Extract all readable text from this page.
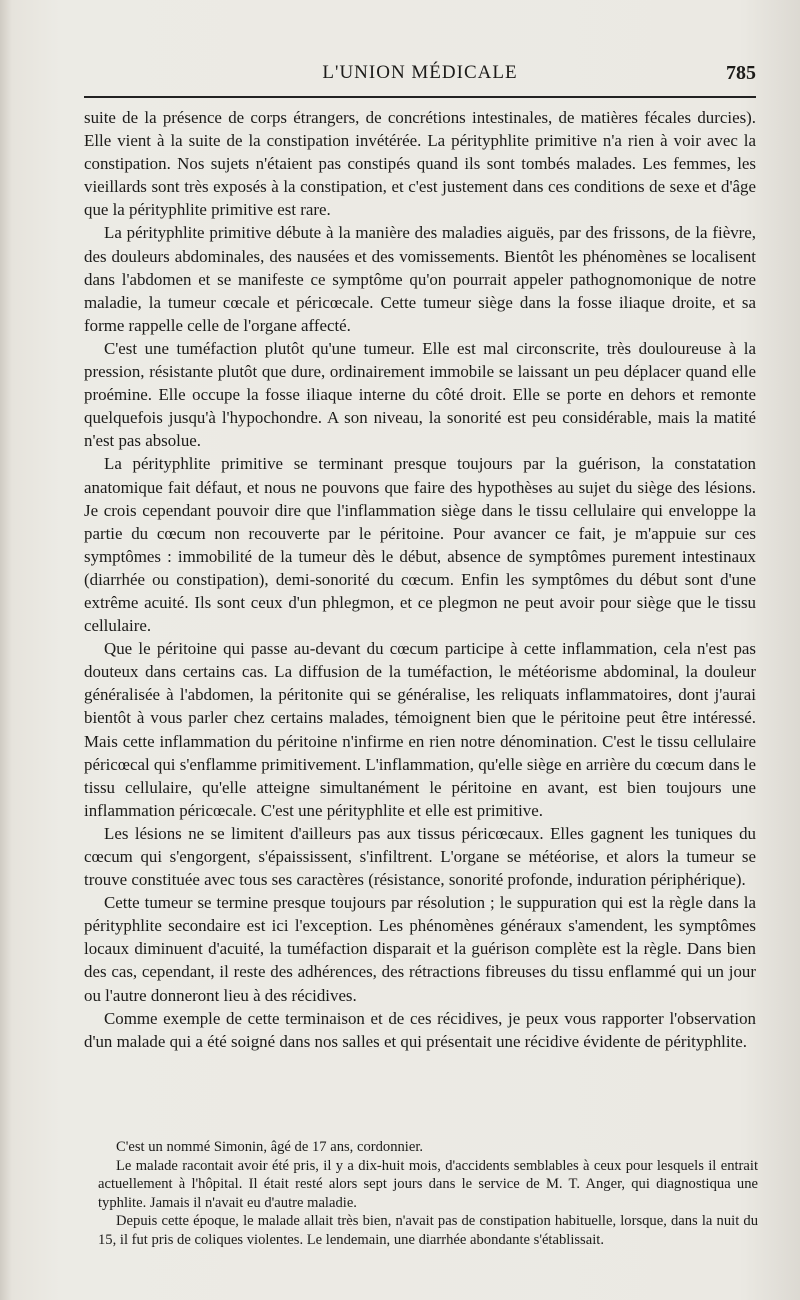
L'UNION MÉDICALE	785

suite de la présence de corps étrangers, de concrétions intestinales, de matières fécales durcies). Elle vient à la suite de la constipation invétérée. La pérityphlite primitive n'a rien à voir avec la constipation. Nos sujets n'étaient pas constipés quand ils sont tombés malades. Les femmes, les vieillards sont très exposés à la constipation, et c'est justement dans ces conditions de sexe et d'âge que la pérityphlite primitive est rare.

La pérityphlite primitive débute à la manière des maladies aiguës, par des frissons, de la fièvre, des douleurs abdominales, des nausées et des vomissements. Bientôt les phénomènes se localisent dans l'abdomen et se manifeste ce symptôme qu'on pourrait appeler pathognomonique de notre maladie, la tumeur cœcale et péricœcale. Cette tumeur siège dans la fosse iliaque droite, et sa forme rappelle celle de l'organe affecté.

C'est une tuméfaction plutôt qu'une tumeur. Elle est mal circonscrite, très douloureuse à la pression, résistante plutôt que dure, ordinairement immobile se laissant un peu déplacer quand elle proémine. Elle occupe la fosse iliaque interne du côté droit. Elle se porte en dehors et remonte quelquefois jusqu'à l'hypochondre. A son niveau, la sonorité est peu considérable, mais la matité n'est pas absolue.

La pérityphlite primitive se terminant presque toujours par la guérison, la constatation anatomique fait défaut, et nous ne pouvons que faire des hypothèses au sujet du siège des lésions. Je crois cependant pouvoir dire que l'inflammation siège dans le tissu cellulaire qui enveloppe la partie du cœcum non recouverte par le péritoine. Pour avancer ce fait, je m'appuie sur ces symptômes : immobilité de la tumeur dès le début, absence de symptômes purement intestinaux (diarrhée ou constipation), demi-sonorité du cœcum. Enfin les symptômes du début sont d'une extrême acuité. Ils sont ceux d'un phlegmon, et ce plegmon ne peut avoir pour siège que le tissu cellulaire.

Que le péritoine qui passe au-devant du cœcum participe à cette inflammation, cela n'est pas douteux dans certains cas. La diffusion de la tuméfaction, le météorisme abdominal, la douleur généralisée à l'abdomen, la péritonite qui se généralise, les reliquats inflammatoires, dont j'aurai bientôt à vous parler chez certains malades, témoignent bien que le péritoine peut être intéressé. Mais cette inflammation du péritoine n'infirme en rien notre dénomination. C'est le tissu cellulaire péricœcal qui s'enflamme primitivement. L'inflammation, qu'elle siège en arrière du cœcum dans le tissu cellulaire, qu'elle atteigne simultanément le péritoine en avant, est bien toujours une inflammation péricœcale. C'est une pérityphlite et elle est primitive.

Les lésions ne se limitent d'ailleurs pas aux tissus péricœcaux. Elles gagnent les tuniques du cœcum qui s'engorgent, s'épaississent, s'infiltrent. L'organe se météorise, et alors la tumeur se trouve constituée avec tous ses caractères (résistance, sonorité profonde, induration périphérique).

Cette tumeur se termine presque toujours par résolution ; le suppuration qui est la règle dans la pérityphlite secondaire est ici l'exception. Les phénomènes généraux s'amendent, les symptômes locaux diminuent d'acuité, la tuméfaction disparait et la guérison complète est la règle. Dans bien des cas, cependant, il reste des adhérences, des rétractions fibreuses du tissu enflammé qui un jour ou l'autre donneront lieu à des récidives.

Comme exemple de cette terminaison et de ces récidives, je peux vous rapporter l'observation d'un malade qui a été soigné dans nos salles et qui présentait une récidive évidente de pérityphlite.

C'est un nommé Simonin, âgé de 17 ans, cordonnier.

Le malade racontait avoir été pris, il y a dix-huit mois, d'accidents semblables à ceux pour lesquels il entrait actuellement à l'hôpital. Il était resté alors sept jours dans le service de M. T. Anger, qui diagnostiqua une typhlite. Jamais il n'avait eu d'autre maladie.

Depuis cette époque, le malade allait très bien, n'avait pas de constipation habituelle, lorsque, dans la nuit du 15, il fut pris de coliques violentes. Le lendemain, une diarrhée abondante s'établissait.
